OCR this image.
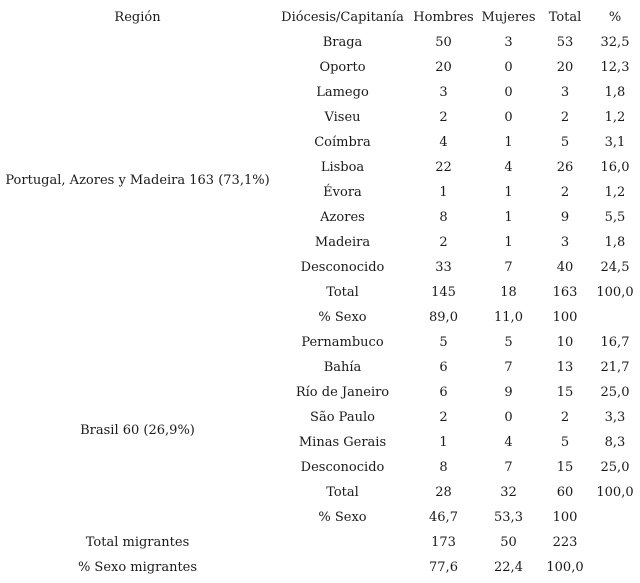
Región	Diócesis/Capitanía	Hombres	Mujeres	Total	%
Portugal, Azores y Madeira 163 (73,1%)	Braga	50	3	53	32,5
	Oporto	20	0	20	12,3
	Lamego	3	0	3	1,8
	Viseu	2	0	2	1,2
	Coímbra	4	1	5	3,1
	Lisboa	22	4	26	16,0
	Évora	1	1	2	1,2
	Azores	8	1	9	5,5
	Madeira	2	1	3	1,8
	Desconocido	33	7	40	24,5
	Total	145	18	163	100,0
	% Sexo	89,0	11,0	100	
Brasil 60 (26,9%)	Pernambuco	5	5	10	16,7
	Bahía	6	7	13	21,7
	Río de Janeiro	6	9	15	25,0
	São Paulo	2	0	2	3,3
	Minas Gerais	1	4	5	8,3
	Desconocido	8	7	15	25,0
	Total	28	32	60	100,0
	% Sexo	46,7	53,3	100	
Total migrantes		173	50	223	
% Sexo migrantes		77,6	22,4	100,0	
